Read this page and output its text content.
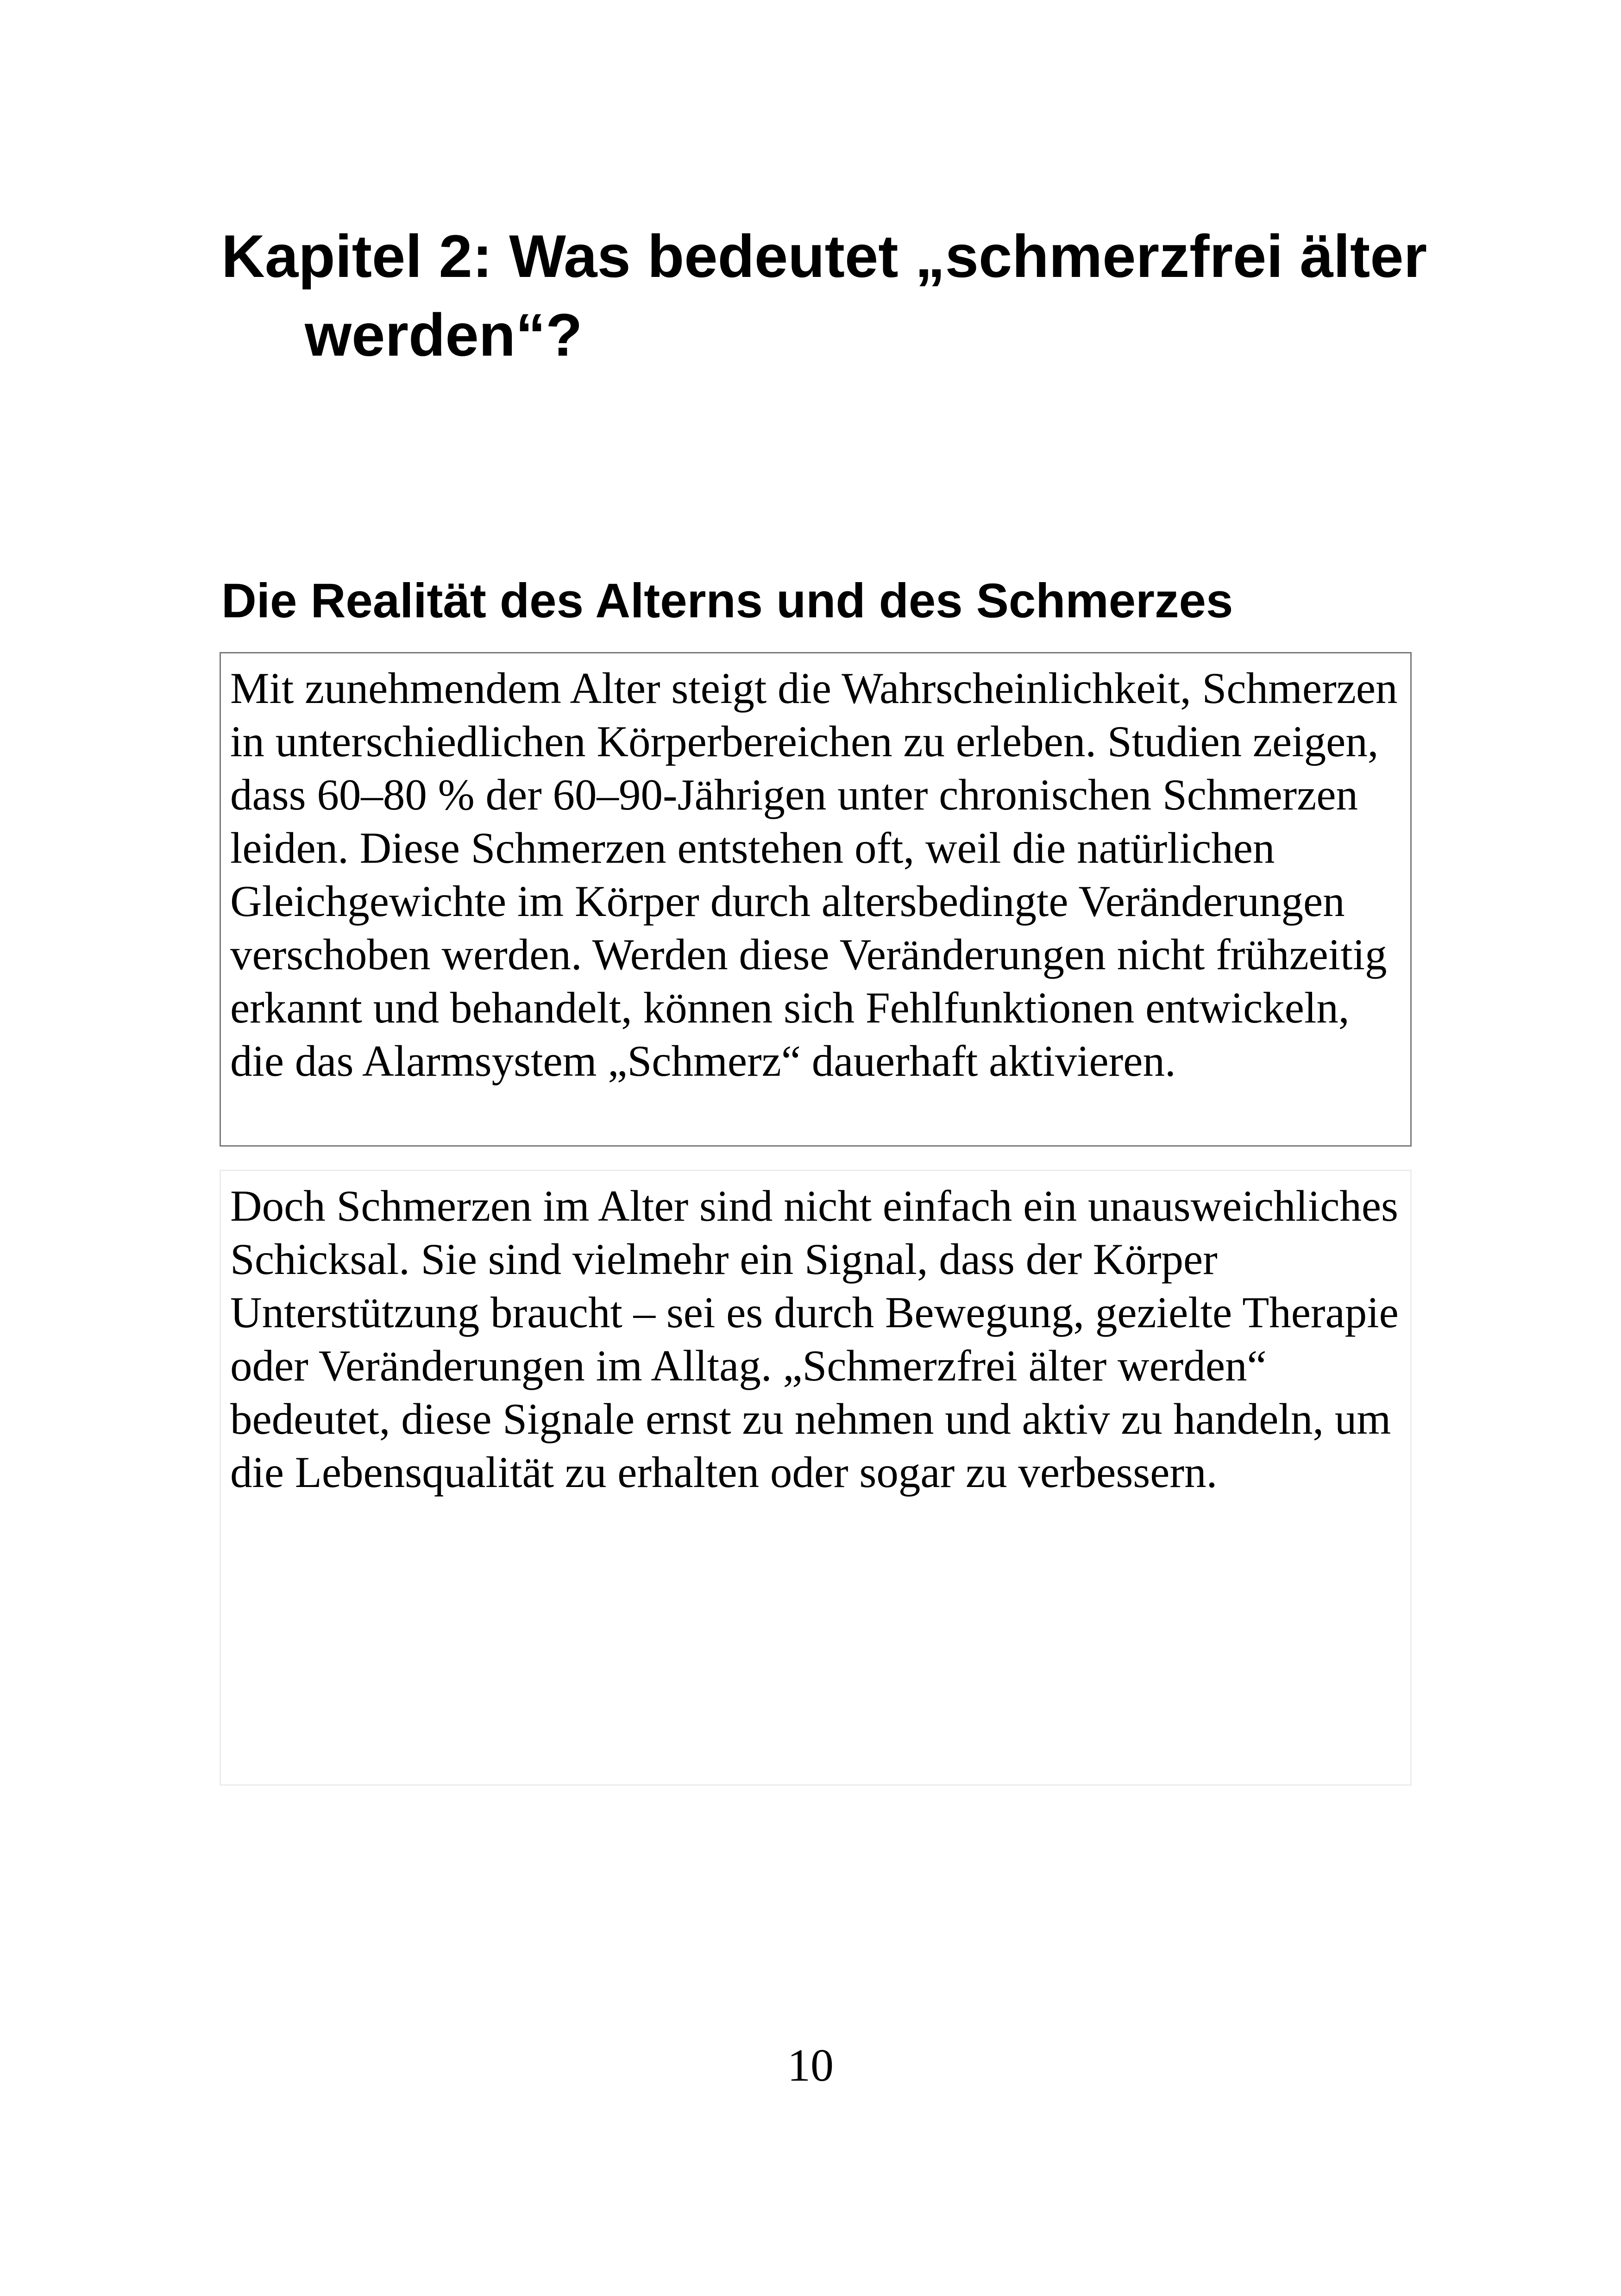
Kapitel 2: Was bedeutet „schmerzfrei älter werden“?
Die Realität des Alterns und des Schmerzes

Mit zunehmendem Alter steigt die Wahrscheinlichkeit, Schmerzen in unterschiedlichen Körperbereichen zu erleben. Studien zeigen, dass 60–80 % der 60–90-Jährigen unter chronischen Schmerzen leiden. Diese Schmerzen entstehen oft, weil die natürlichen Gleichgewichte im Körper durch altersbedingte Veränderungen verschoben werden. Werden diese Veränderungen nicht frühzeitig erkannt und behandelt, können sich Fehlfunktionen entwickeln, die das Alarmsystem „Schmerz“ dauerhaft aktivieren.

Doch Schmerzen im Alter sind nicht einfach ein unausweichliches Schicksal. Sie sind vielmehr ein Signal, dass der Körper Unterstützung braucht – sei es durch Bewegung, gezielte Therapie oder Veränderungen im Alltag. „Schmerzfrei älter werden“ bedeutet, diese Signale ernst zu nehmen und aktiv zu handeln, um die Lebensqualität zu erhalten oder sogar zu verbessern.

10
